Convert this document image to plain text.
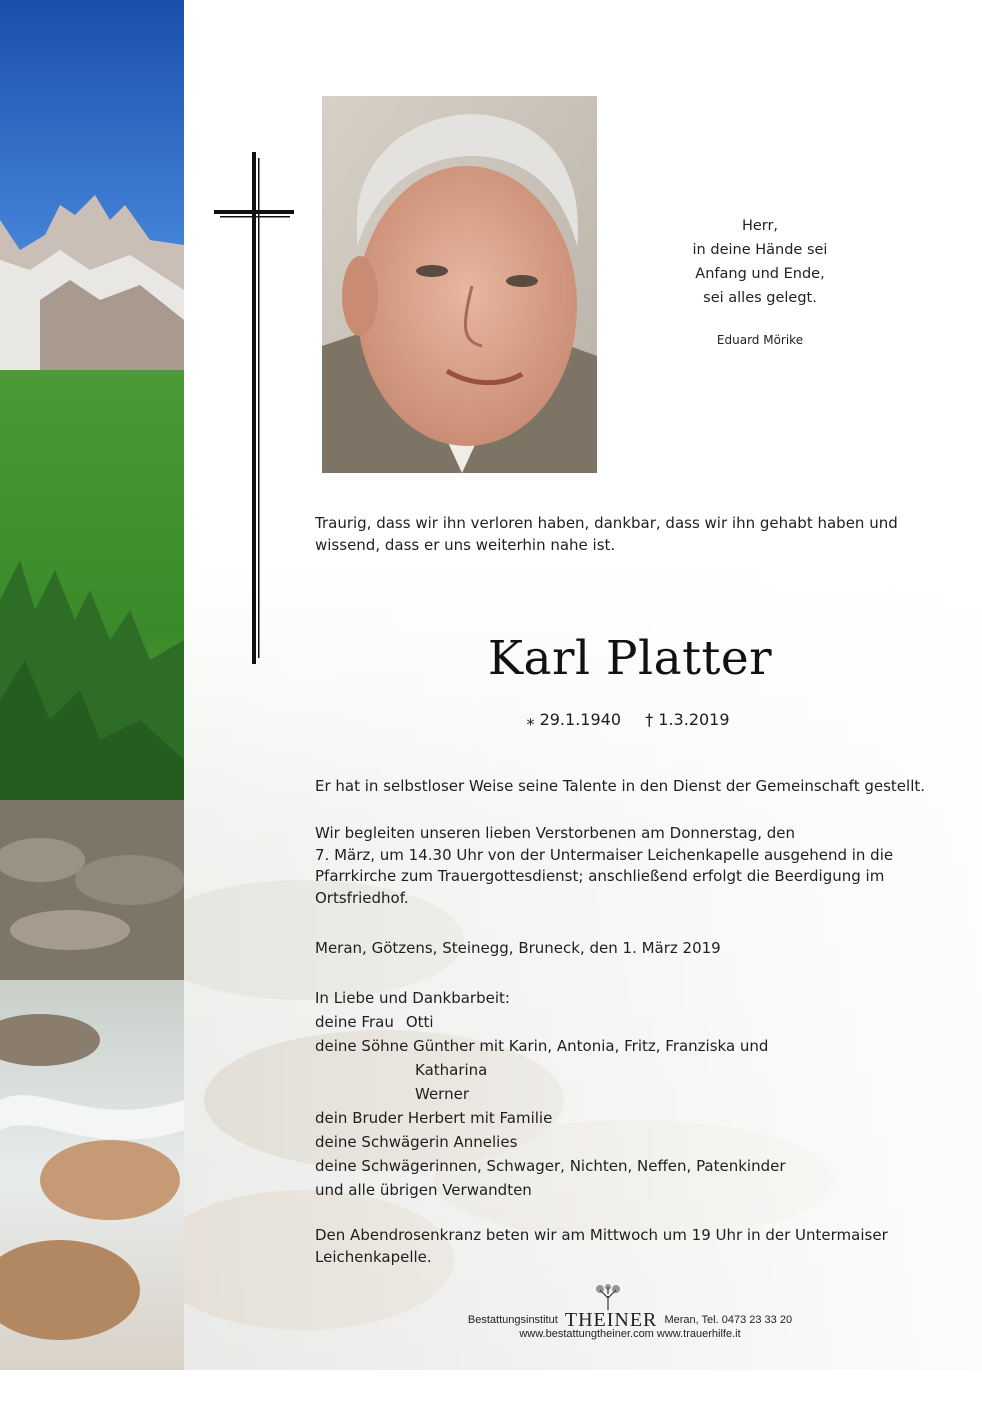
Herr,
in deine Hände sei
Anfang und Ende,
sei alles gelegt.
Eduard Mörike
Traurig, dass wir ihn verloren haben, dankbar, dass wir ihn gehabt haben und
wissend, dass er uns weiterhin nahe ist.
Karl Platter
⁎ 29.1.1940 † 1.3.2019
Er hat in selbstloser Weise seine Talente in den Dienst der Gemeinschaft gestellt.
Wir begleiten unseren lieben Verstorbenen am Donnerstag, den
7. März, um 14.30 Uhr von der Untermaiser Leichenkapelle ausgehend in die
Pfarrkirche zum Trauergottesdienst; anschließend erfolgt die Beerdigung im
Ortsfriedhof.
Meran, Götzens, Steinegg, Bruneck, den 1. März 2019
In Liebe und Dankbarbeit:
deine Frau Otti
deine Söhne Günther mit Karin, Antonia, Fritz, Franziska und
Katharina
Werner
dein Bruder Herbert mit Familie
deine Schwägerin Annelies
deine Schwägerinnen, Schwager, Nichten, Neffen, Patenkinder
und alle übrigen Verwandten
Den Abendrosenkranz beten wir am Mittwoch um 19 Uhr in der Untermaiser
Leichenkapelle.
Bestattungsinstitut THEINER Meran, Tel. 0473 23 33 20
www.bestattungtheiner.com www.trauerhilfe.it
